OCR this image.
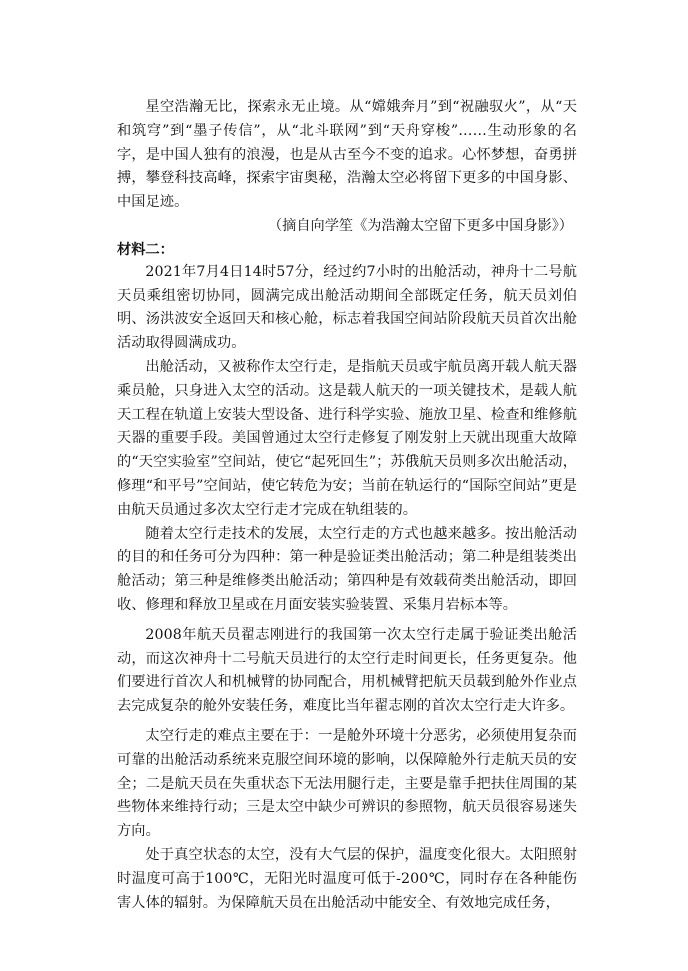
星空浩瀚无比，探索永无止境。从“嫦娥奔月”到“祝融驭火”，从“天和筑穹”到“墨子传信”，从“北斗联网”到“天舟穿梭”……生动形象的名字，是中国人独有的浪漫，也是从古至今不变的追求。心怀梦想，奋勇拼搏，攀登科技高峰，探索宇宙奥秘，浩瀚太空必将留下更多的中国身影、中国足迹。

（摘自向学笙《为浩瀚太空留下更多中国身影》）

材料二：

2021年7月4日14时57分，经过约7小时的出舱活动，神舟十二号航天员乘组密切协同，圆满完成出舱活动期间全部既定任务，航天员刘伯明、汤洪波安全返回天和核心舱，标志着我国空间站阶段航天员首次出舱活动取得圆满成功。

出舱活动，又被称作太空行走，是指航天员或宇航员离开载人航天器乘员舱，只身进入太空的活动。这是载人航天的一项关键技术，是载人航天工程在轨道上安装大型设备、进行科学实验、施放卫星、检查和维修航天器的重要手段。美国曾通过太空行走修复了刚发射上天就出现重大故障的“天空实验室”空间站，使它“起死回生”；苏俄航天员则多次出舱活动，修理“和平号”空间站，使它转危为安；当前在轨运行的“国际空间站”更是由航天员通过多次太空行走才完成在轨组装的。

随着太空行走技术的发展，太空行走的方式也越来越多。按出舱活动的目的和任务可分为四种：第一种是验证类出舱活动；第二种是组装类出舱活动；第三种是维修类出舱活动；第四种是有效载荷类出舱活动，即回收、修理和释放卫星或在月面安装实验装置、采集月岩标本等。

2008年航天员翟志刚进行的我国第一次太空行走属于验证类出舱活动，而这次神舟十二号航天员进行的太空行走时间更长，任务更复杂。他们要进行首次人和机械臂的协同配合，用机械臂把航天员载到舱外作业点去完成复杂的舱外安装任务，难度比当年翟志刚的首次太空行走大许多。

太空行走的难点主要在于：一是舱外环境十分恶劣，必须使用复杂而可靠的出舱活动系统来克服空间环境的影响，以保障舱外行走航天员的安全；二是航天员在失重状态下无法用腿行走，主要是靠手把扶住周围的某些物体来维持行动；三是太空中缺少可辨识的参照物，航天员很容易迷失方向。

处于真空状态的太空，没有大气层的保护，温度变化很大。太阳照射时温度可高于100℃，无阳光时温度可低于-200℃，同时存在各种能伤害人体的辐射。为保障航天员在出舱活动中能安全、有效地完成任务，
